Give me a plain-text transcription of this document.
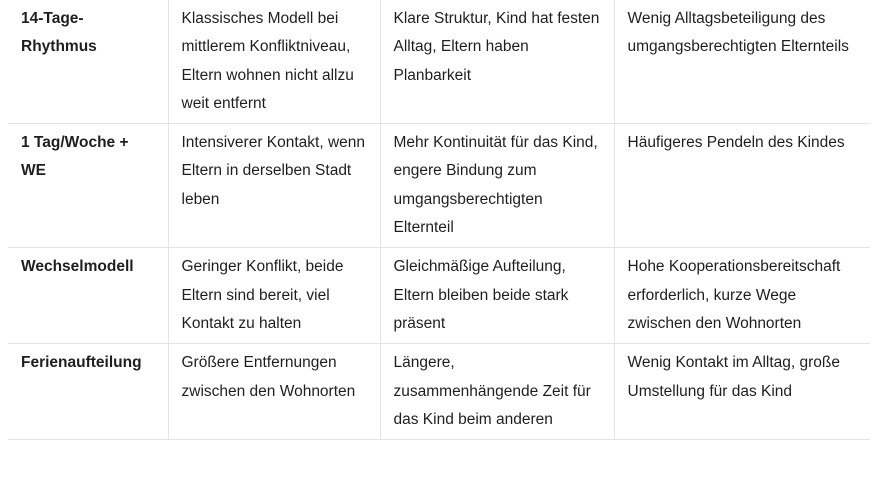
14-Tage-Rhythmus	Klassisches Modell bei mittlerem Konfliktniveau, Eltern wohnen nicht allzu weit entfernt	Klare Struktur, Kind hat festen Alltag, Eltern haben Planbarkeit	Wenig Alltagsbeteiligung des umgangsberechtigten Elternteils

1 Tag/Woche + WE	Intensiverer Kontakt, wenn Eltern in derselben Stadt leben	Mehr Kontinuität für das Kind, engere Bindung zum umgangsberechtigten Elternteil	Häufigeres Pendeln des Kindes

Wechselmodell	Geringer Konflikt, beide Eltern sind bereit, viel Kontakt zu halten	Gleichmäßige Aufteilung, Eltern bleiben beide stark präsent	Hohe Kooperationsbereitschaft erforderlich, kurze Wege zwischen den Wohnorten

Ferienaufteilung	Größere Entfernungen zwischen den Wohnorten	Längere, zusammenhängende Zeit für das Kind beim anderen	Wenig Kontakt im Alltag, große Umstellung für das Kind
